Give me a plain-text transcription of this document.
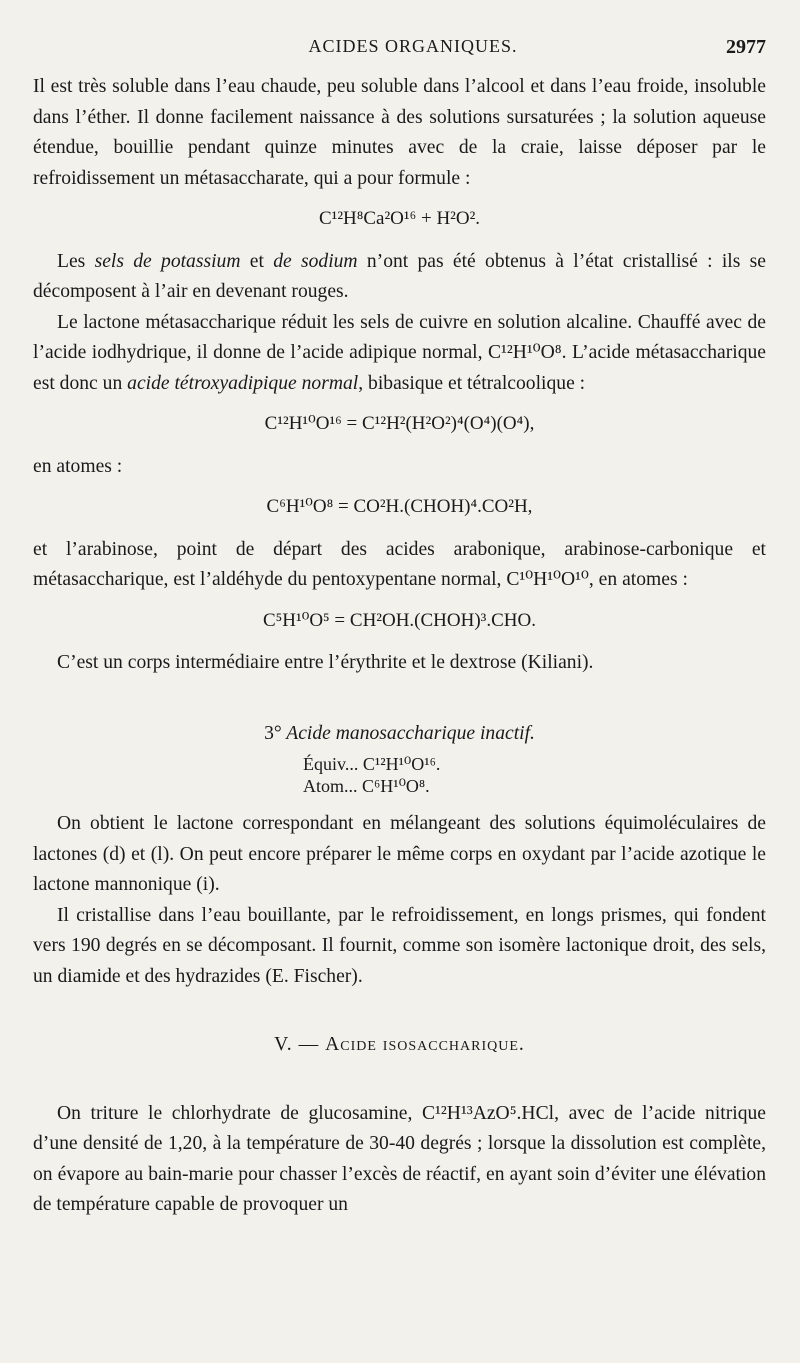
ACIDES ORGANIQUES.	2977

Il est très soluble dans l’eau chaude, peu soluble dans l’alcool et dans l’eau froide, insoluble dans l’éther. Il donne facilement naissance à des solutions sursaturées ; la solution aqueuse étendue, bouillie pendant quinze minutes avec de la craie, laisse déposer par le refroidissement un métasaccharate, qui a pour formule :

C¹²H⁸Ca²O¹⁶ + H²O².

Les sels de potassium et de sodium n’ont pas été obtenus à l’état cristallisé : ils se décomposent à l’air en devenant rouges.

Le lactone métasaccharique réduit les sels de cuivre en solution alcaline. Chauffé avec de l’acide iodhydrique, il donne de l’acide adipique normal, C¹²H¹⁰O⁸. L’acide métasaccharique est donc un acide tétroxyadipique normal, bibasique et tétralcoolique :

C¹²H¹⁰O¹⁶ = C¹²H²(H²O²)⁴(O⁴)(O⁴),
en atomes :
C⁶H¹⁰O⁸ = CO²H.(CHOH)⁴.CO²H,

et l’arabinose, point de départ des acides arabonique, arabinose-carbonique et métasaccharique, est l’aldéhyde du pentoxypentane normal, C¹⁰H¹⁰O¹⁰, en atomes :

C⁵H¹⁰O⁵ = CH²OH.(CHOH)³.CHO.

C’est un corps intermédiaire entre l’érythrite et le dextrose (Kiliani).

3° Acide manosaccharique inactif.
Équiv... C¹²H¹⁰O¹⁶.
Atom... C⁶H¹⁰O⁸.

On obtient le lactone correspondant en mélangeant des solutions équimoléculaires de lactones (d) et (l). On peut encore préparer le même corps en oxydant par l’acide azotique le lactone mannonique (i).

Il cristallise dans l’eau bouillante, par le refroidissement, en longs prismes, qui fondent vers 190 degrés en se décomposant. Il fournit, comme son isomère lactonique droit, des sels, un diamide et des hydrazides (E. Fischer).

V. — Acide isosaccharique.

On triture le chlorhydrate de glucosamine, C¹²H¹³AzO⁵.HCl, avec de l’acide nitrique d’une densité de 1,20, à la température de 30-40 degrés ; lorsque la dissolution est complète, on évapore au bain-marie pour chasser l’excès de réactif, en ayant soin d’éviter une élévation de température capable de provoquer un
